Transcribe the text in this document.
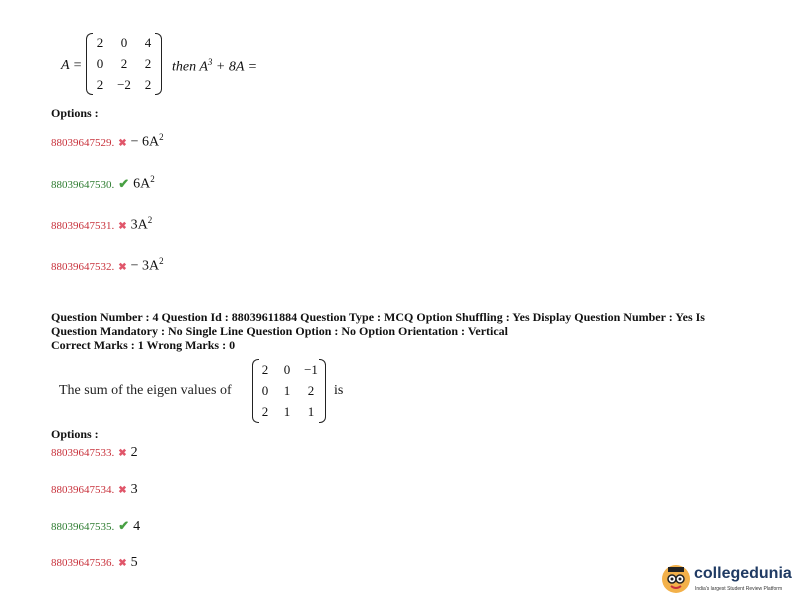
A =
2	0	4
0	2	2
2	−2	2
then $A^3 + 8A$ =
Options :
88039647529. ✖ − $6A^2$
88039647530. ✔ $6A^2$
88039647531. ✖ $3A^2$
88039647532. ✖ − $3A^2$
Question Number : 4 Question Id : 88039611884 Question Type : MCQ Option Shuffling : Yes Display Question Number : Yes Is
Question Mandatory : No Single Line Question Option : No Option Orientation : Vertical
Correct Marks : 1 Wrong Marks : 0
The sum of the eigen values of
2	0	−1
0	1	2
2	1	1
is
Options :
88039647533. ✖ 2
88039647534. ✖ 3
88039647535. ✔ 4
88039647536. ✖ 5
collegedunia
India's largest Student Review Platform
